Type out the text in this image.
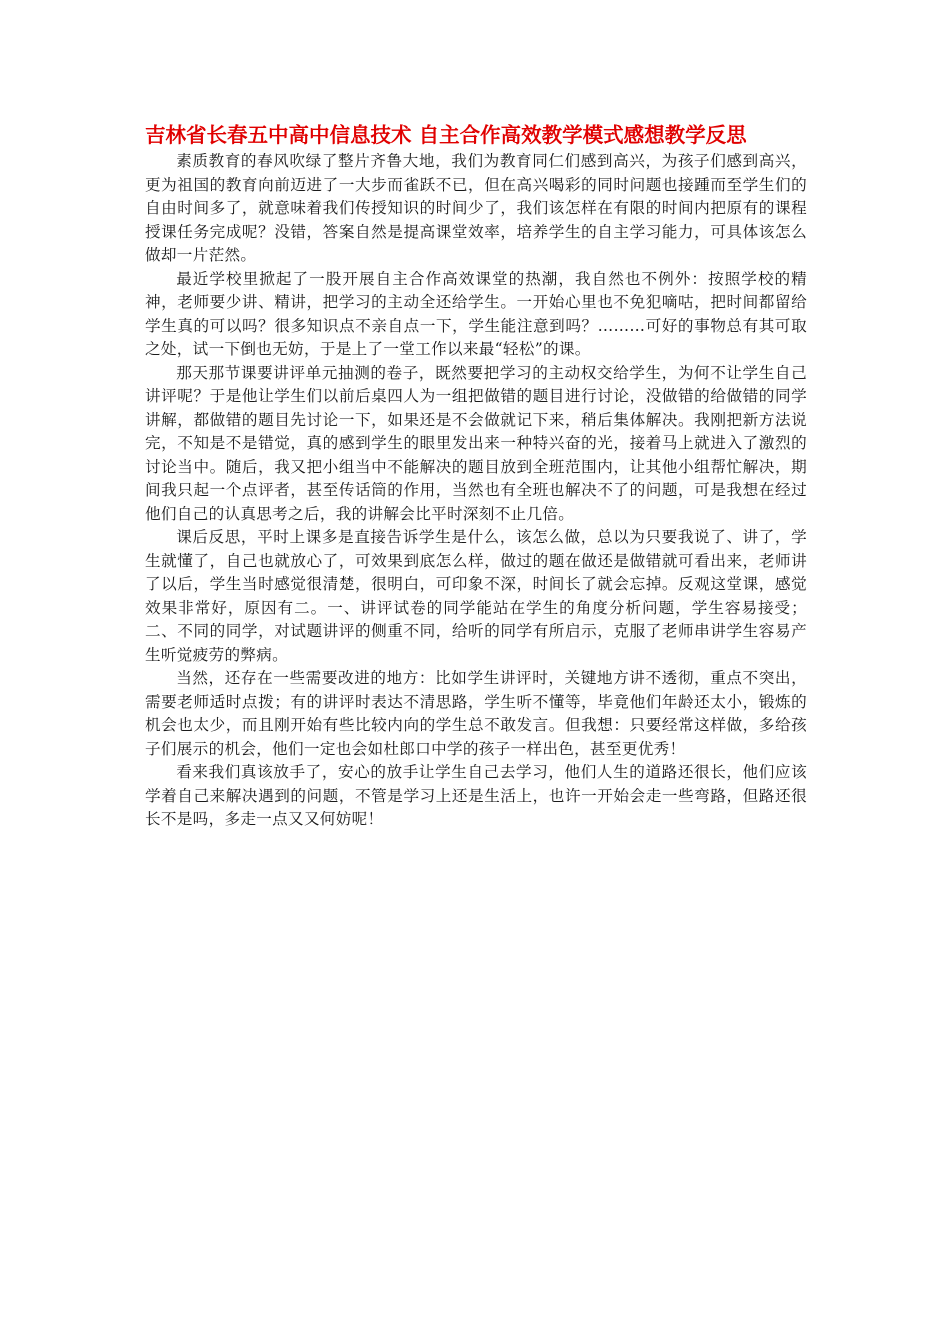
吉林省长春五中高中信息技术 自主合作高效教学模式感想教学反思

素质教育的春风吹绿了整片齐鲁大地，我们为教育同仁们感到高兴，为孩子们感到高兴，更为祖国的教育向前迈进了一大步而雀跃不已，但在高兴喝彩的同时问题也接踵而至学生们的自由时间多了，就意味着我们传授知识的时间少了，我们该怎样在有限的时间内把原有的课程授课任务完成呢？没错，答案自然是提高课堂效率，培养学生的自主学习能力，可具体该怎么做却一片茫然。

最近学校里掀起了一股开展自主合作高效课堂的热潮，我自然也不例外：按照学校的精神，老师要少讲、精讲，把学习的主动全还给学生。一开始心里也不免犯嘀咕，把时间都留给学生真的可以吗？很多知识点不亲自点一下，学生能注意到吗？………可好的事物总有其可取之处，试一下倒也无妨，于是上了一堂工作以来最“轻松”的课。

那天那节课要讲评单元抽测的卷子，既然要把学习的主动权交给学生，为何不让学生自己讲评呢？于是他让学生们以前后桌四人为一组把做错的题目进行讨论，没做错的给做错的同学讲解，都做错的题目先讨论一下，如果还是不会做就记下来，稍后集体解决。我刚把新方法说完，不知是不是错觉，真的感到学生的眼里发出来一种特兴奋的光，接着马上就进入了激烈的讨论当中。随后，我又把小组当中不能解决的题目放到全班范围内，让其他小组帮忙解决，期间我只起一个点评者，甚至传话筒的作用，当然也有全班也解决不了的问题，可是我想在经过他们自己的认真思考之后，我的讲解会比平时深刻不止几倍。

课后反思，平时上课多是直接告诉学生是什么，该怎么做，总以为只要我说了、讲了，学生就懂了，自己也就放心了，可效果到底怎么样，做过的题在做还是做错就可看出来，老师讲了以后，学生当时感觉很清楚，很明白，可印象不深，时间长了就会忘掉。反观这堂课，感觉效果非常好，原因有二。一、讲评试卷的同学能站在学生的角度分析问题，学生容易接受；二、不同的同学，对试题讲评的侧重不同，给听的同学有所启示，克服了老师串讲学生容易产生听觉疲劳的弊病。

当然，还存在一些需要改进的地方：比如学生讲评时，关键地方讲不透彻，重点不突出，需要老师适时点拨；有的讲评时表达不清思路，学生听不懂等，毕竟他们年龄还太小，锻炼的机会也太少，而且刚开始有些比较内向的学生总不敢发言。但我想：只要经常这样做，多给孩子们展示的机会，他们一定也会如杜郎口中学的孩子一样出色，甚至更优秀！

看来我们真该放手了，安心的放手让学生自己去学习，他们人生的道路还很长，他们应该学着自己来解决遇到的问题，不管是学习上还是生活上，也许一开始会走一些弯路，但路还很长不是吗，多走一点又又何妨呢！
